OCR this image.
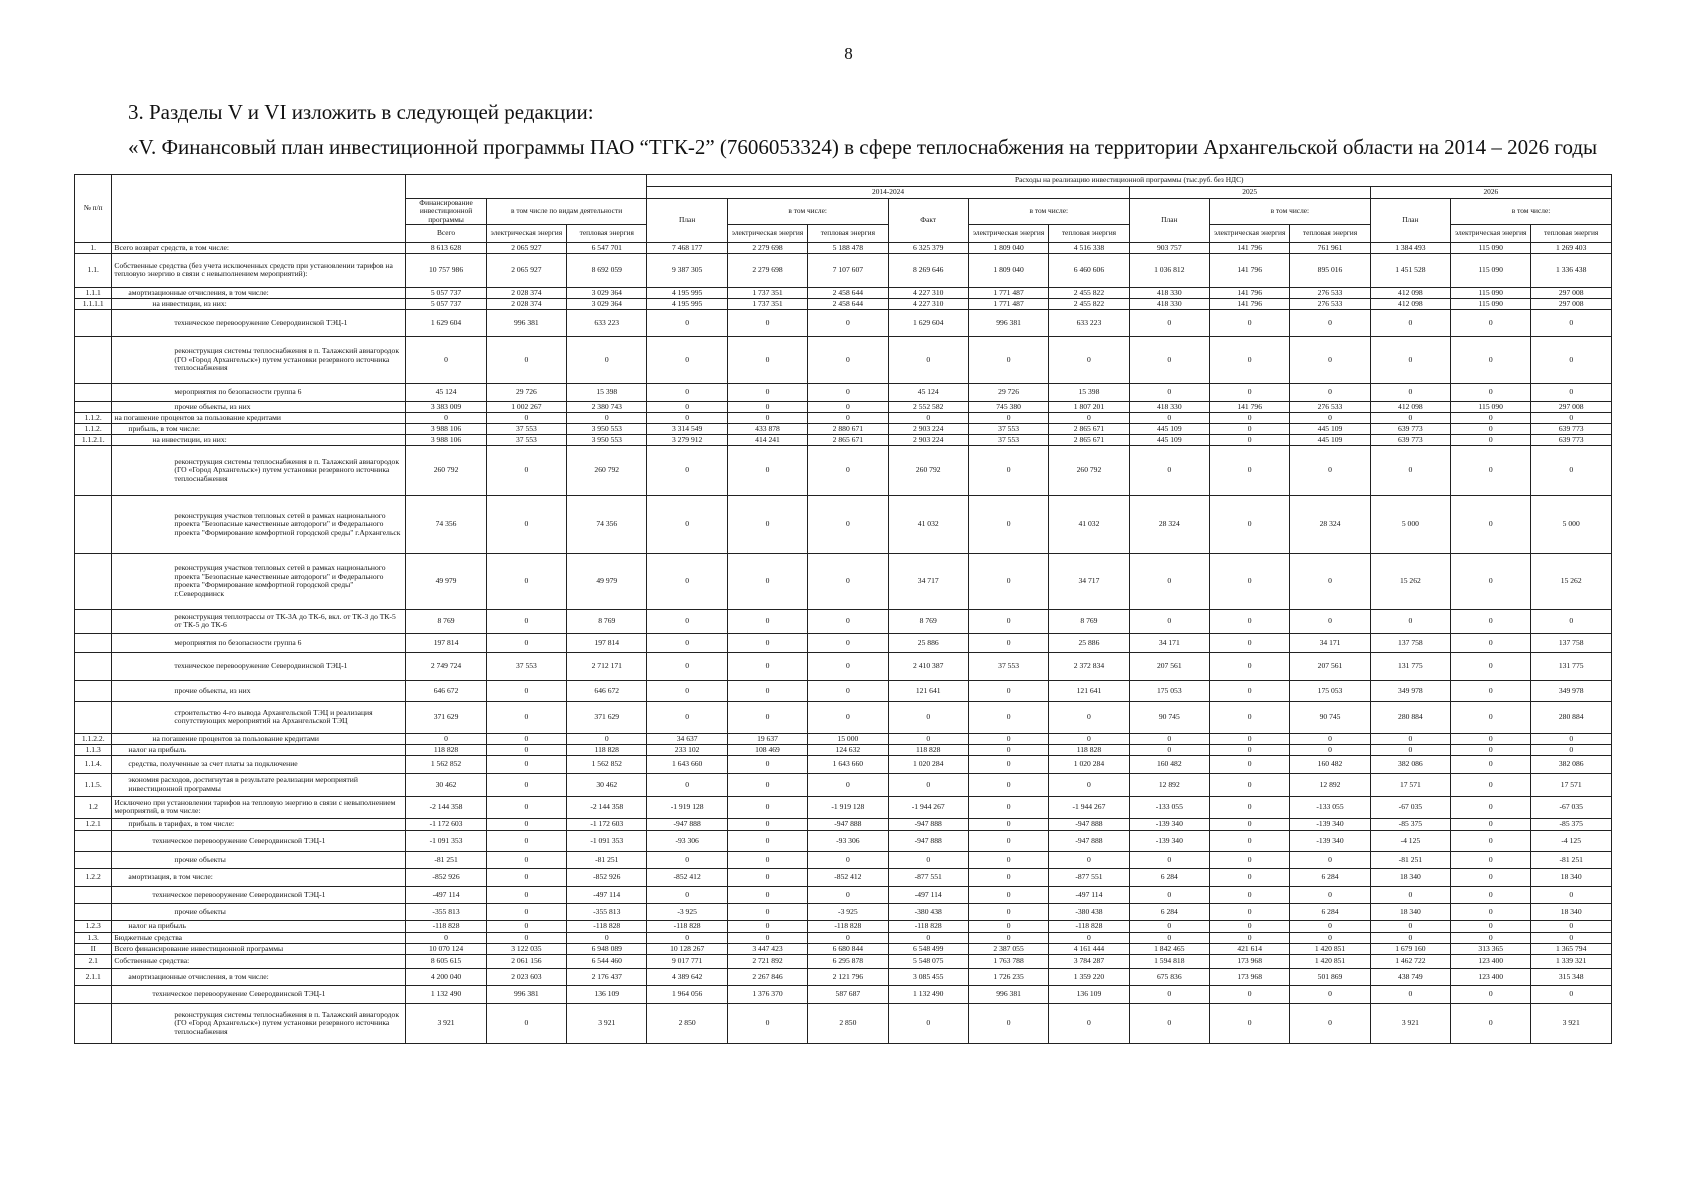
8
3. Разделы V и VI изложить в следующей редакции:
«V. Финансовый план инвестиционной программы ПАО “ТГК-2” (7606053324) в сфере теплоснабжения на территории Архангельской области на 2014 – 2026 годы
№ п/п					Расходы на реализацию инвестиционной программы (тыс.руб. без НДС)											
					2014-2024						2025			2026		
		Финансирование инвестиционной программы	в том числе по видам деятельности		План	в том числе:		Факт	в том числе:		План	в том числе:		План	в том числе:	
		Всего	электрическая энергия	тепловая энергия		электрическая энергия	тепловая энергия		электрическая энергия	тепловая энергия		электрическая энергия	тепловая энергия		электрическая энергия	тепловая энергия
1.	Всего возврат средств, в том числе:	8 613 628	2 065 927	6 547 701	7 468 177	2 279 698	5 188 478	6 325 379	1 809 040	4 516 338	903 757	141 796	761 961	1 384 493	115 090	1 269 403
1.1.	Собственные средства (без учета исключенных средств при установлении тарифов на тепловую энергию в связи с невыполнением мероприятий):	10 757 986	2 065 927	8 692 059	9 387 305	2 279 698	7 107 607	8 269 646	1 809 040	6 460 606	1 036 812	141 796	895 016	1 451 528	115 090	1 336 438
1.1.1	амортизационные отчисления, в том числе:	5 057 737	2 028 374	3 029 364	4 195 995	1 737 351	2 458 644	4 227 310	1 771 487	2 455 822	418 330	141 796	276 533	412 098	115 090	297 008
1.1.1.1	на инвестиции, из них:	5 057 737	2 028 374	3 029 364	4 195 995	1 737 351	2 458 644	4 227 310	1 771 487	2 455 822	418 330	141 796	276 533	412 098	115 090	297 008
	техническое перевооружение Северодвинской ТЭЦ-1	1 629 604	996 381	633 223	0	0	0	1 629 604	996 381	633 223	0	0	0	0	0	0
	реконструкция системы теплоснабжения в п. Талажский авиагородок (ГО «Город Архангельск») путем установки резервного источника теплоснабжения	0	0	0	0	0	0	0	0	0	0	0	0	0	0	0
	мероприятия по безопасности группа 6	45 124	29 726	15 398	0	0	0	45 124	29 726	15 398	0	0	0	0	0	0
	прочие объекты, из них	3 383 009	1 002 267	2 380 743	0	0	0	2 552 582	745 380	1 807 201	418 330	141 796	276 533	412 098	115 090	297 008
1.1.2.	на погашение процентов за пользование кредитами	0	0	0	0	0	0	0	0	0	0	0	0	0	0	0
1.1.2.	прибыль, в том числе:	3 988 106	37 553	3 950 553	3 314 549	433 878	2 880 671	2 903 224	37 553	2 865 671	445 109	0	445 109	639 773	0	639 773
1.1.2.1.	на инвестиции, из них:	3 988 106	37 553	3 950 553	3 279 912	414 241	2 865 671	2 903 224	37 553	2 865 671	445 109	0	445 109	639 773	0	639 773
	реконструкция системы теплоснабжения в п. Талажский авиагородок (ГО «Город Архангельск») путем установки резервного источника теплоснабжения	260 792	0	260 792	0	0	0	260 792	0	260 792	0	0	0	0	0	0
	реконструкция участков тепловых сетей в рамках национального проекта "Безопасные качественные автодороги" и Федерального проекта "Формирование комфортной городской среды" г.Архангельск	74 356	0	74 356	0	0	0	41 032	0	41 032	28 324	0	28 324	5 000	0	5 000
	реконструкция участков тепловых сетей в рамках национального проекта "Безопасные качественные автодороги" и Федерального проекта "Формирование комфортной городской среды" г.Северодвинск	49 979	0	49 979	0	0	0	34 717	0	34 717	0	0	0	15 262	0	15 262
	реконструкция теплотрассы от ТК-3А до ТК-6, вкл. от ТК-3 до ТК-5 от ТК-5 до ТК-6	8 769	0	8 769	0	0	0	8 769	0	8 769	0	0	0	0	0	0
	мероприятия по безопасности группа 6	197 814	0	197 814	0	0	0	25 886	0	25 886	34 171	0	34 171	137 758	0	137 758
	техническое перевооружение Северодвинской ТЭЦ-1	2 749 724	37 553	2 712 171	0	0	0	2 410 387	37 553	2 372 834	207 561	0	207 561	131 775	0	131 775
	прочие объекты, из них	646 672	0	646 672	0	0	0	121 641	0	121 641	175 053	0	175 053	349 978	0	349 978
	строительство 4-го вывода Архангельской ТЭЦ и реализация сопутствующих мероприятий на Архангельской ТЭЦ	371 629	0	371 629	0	0	0	0	0	0	90 745	0	90 745	280 884	0	280 884
1.1.2.2.	на погашение процентов за пользование кредитами	0	0	0	34 637	19 637	15 000	0	0	0	0	0	0	0	0	0
1.1.3	налог на прибыль	118 828	0	118 828	233 102	108 469	124 632	118 828	0	118 828	0	0	0	0	0	0
1.1.4.	средства, полученные за счет платы за подключение	1 562 852	0	1 562 852	1 643 660	0	1 643 660	1 020 284	0	1 020 284	160 482	0	160 482	382 086	0	382 086
1.1.5.	экономия расходов, достигнутая в результате реализации мероприятий инвестиционной программы	30 462	0	30 462	0	0	0	0	0	0	12 892	0	12 892	17 571	0	17 571
1.2	Исключено при установлении тарифов на тепловую энергию в связи с невыполнением мероприятий, в том числе:	-2 144 358	0	-2 144 358	-1 919 128	0	-1 919 128	-1 944 267	0	-1 944 267	-133 055	0	-133 055	-67 035	0	-67 035
1.2.1	прибыль в тарифах, в том числе:	-1 172 603	0	-1 172 603	-947 888	0	-947 888	-947 888	0	-947 888	-139 340	0	-139 340	-85 375	0	-85 375
	техническое перевооружение Северодвинской ТЭЦ-1	-1 091 353	0	-1 091 353	-93 306	0	-93 306	-947 888	0	-947 888	-139 340	0	-139 340	-4 125	0	-4 125
	прочие объекты	-81 251	0	-81 251	0	0	0	0	0	0	0	0	0	-81 251	0	-81 251
1.2.2	амортизация, в том числе:	-852 926	0	-852 926	-852 412	0	-852 412	-877 551	0	-877 551	6 284	0	6 284	18 340	0	18 340
	техническое перевооружение Северодвинской ТЭЦ-1	-497 114	0	-497 114	0	0	0	-497 114	0	-497 114	0	0	0	0	0	0
	прочие объекты	-355 813	0	-355 813	-3 925	0	-3 925	-380 438	0	-380 438	6 284	0	6 284	18 340	0	18 340
1.2.3	налог на прибыль	-118 828	0	-118 828	-118 828	0	-118 828	-118 828	0	-118 828	0	0	0	0	0	0
1.3.	Бюджетные средства	0	0	0	0	0	0	0	0	0	0	0	0	0	0	0
II	Всего финансирование инвестиционной программы	10 070 124	3 122 035	6 948 089	10 128 267	3 447 423	6 680 844	6 548 499	2 387 055	4 161 444	1 842 465	421 614	1 420 851	1 679 160	313 365	1 365 794
2.1	Собственные средства:	8 605 615	2 061 156	6 544 460	9 017 771	2 721 892	6 295 878	5 548 075	1 763 788	3 784 287	1 594 818	173 968	1 420 851	1 462 722	123 400	1 339 321
2.1.1	амортизационные отчисления, в том числе:	4 200 040	2 023 603	2 176 437	4 389 642	2 267 846	2 121 796	3 085 455	1 726 235	1 359 220	675 836	173 968	501 869	438 749	123 400	315 348
	техническое перевооружение Северодвинской ТЭЦ-1	1 132 490	996 381	136 109	1 964 056	1 376 370	587 687	1 132 490	996 381	136 109	0	0	0	0	0	0
	реконструкция системы теплоснабжения в п. Талажский авиагородок (ГО «Город Архангельск») путем установки резервного источника теплоснабжения	3 921	0	3 921	2 850	0	2 850	0	0	0	0	0	0	3 921	0	3 921
